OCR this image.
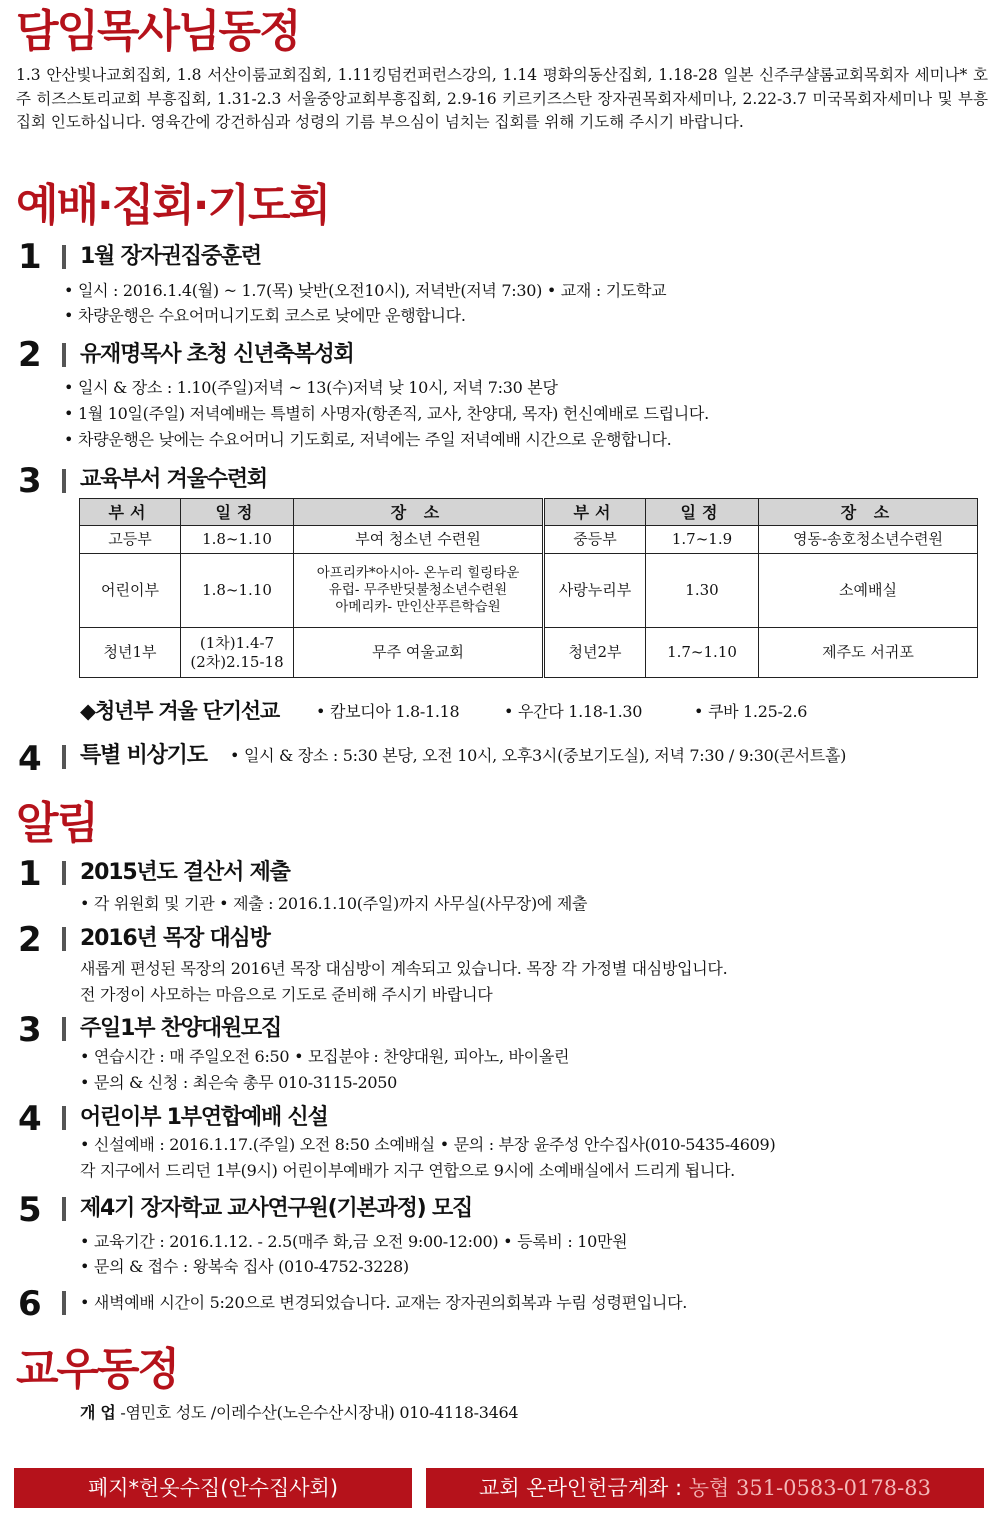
담임목사님동정

1.3 안산빛나교회집회, 1.8 서산이룸교회집회, 1.11킹덤컨퍼런스강의, 1.14 평화의동산집회, 1.18-28 일본 신주쿠샬롬교회목회자 세미나* 호주 히즈스토리교회 부흥집회, 1.31-2.3 서울중앙교회부흥집회, 2.9-16 키르키즈스탄 장자권목회자세미나, 2.22-3.7 미국목회자세미나 및 부흥집회 인도하십니다. 영육간에 강건하심과 성령의 기름 부으심이 넘치는 집회를 위해 기도해 주시기 바랍니다.

예배·집회·기도회
1 1월 장자권집중훈련
• 일시 : 2016.1.4(월) ~ 1.7(목) 낮반(오전10시), 저녁반(저녁 7:30) • 교재 : 기도학교
• 차량운행은 수요어머니기도회 코스로 낮에만 운행합니다.
2 유재명목사 초청 신년축복성회
• 일시 & 장소 : 1.10(주일)저녁 ~ 13(수)저녁 낮 10시, 저녁 7:30 본당
• 1월 10일(주일) 저녁예배는 특별히 사명자(항존직, 교사, 찬양대, 목자) 헌신예배로 드립니다.
• 차량운행은 낮에는 수요어머니 기도회로, 저녁에는 주일 저녁예배 시간으로 운행합니다.
3 교육부서 겨울수련회
부서	일정	장 소		부서	일정	장 소
고등부	1.8~1.10	부여 청소년 수련원		중등부	1.7~1.9	영동-송호청소년수련원
어린이부	1.8~1.10	아프리카*아시아- 온누리 힐링타운
유럽- 무주반딧불청소년수련원
아메리카- 만인산푸른학습원		사랑누리부	1.30	소예배실
청년1부	(1차)1.4-7
(2차)2.15-18	무주 여울교회		청년2부	1.7~1.10	제주도 서귀포
◆청년부 겨울 단기선교	• 캄보디아 1.8-1.18	• 우간다 1.18-1.30	• 쿠바 1.25-2.6
4 특별 비상기도	• 일시 & 장소 : 5:30 본당, 오전 10시, 오후3시(중보기도실), 저녁 7:30 / 9:30(콘서트홀)
알림
1 2015년도 결산서 제출
• 각 위원회 및 기관 • 제출 : 2016.1.10(주일)까지 사무실(사무장)에 제출
2 2016년 목장 대심방
새롭게 편성된 목장의 2016년 목장 대심방이 계속되고 있습니다. 목장 각 가정별 대심방입니다.
전 가정이 사모하는 마음으로 기도로 준비해 주시기 바랍니다
3 주일1부 찬양대원모집
• 연습시간 : 매 주일오전 6:50 • 모집분야 : 찬양대원, 피아노, 바이올린
• 문의 & 신청 : 최은숙 총무 010-3115-2050
4 어린이부 1부연합예배 신설
• 신설예배 : 2016.1.17.(주일) 오전 8:50 소예배실 • 문의 : 부장 윤주성 안수집사(010-5435-4609)
각 지구에서 드리던 1부(9시) 어린이부예배가 지구 연합으로 9시에 소예배실에서 드리게 됩니다.
5 제4기 장자학교 교사연구원(기본과정) 모집
• 교육기간 : 2016.1.12. - 2.5(매주 화,금 오전 9:00-12:00) • 등록비 : 10만원
• 문의 & 접수 : 왕복숙 집사 (010-4752-3228)
6 • 새벽예배 시간이 5:20으로 변경되었습니다. 교재는 장자권의회복과 누림 성령편입니다.
교우동정
개 업 -염민호 성도 /이레수산(노은수산시장내) 010-4118-3464
폐지*헌옷수집(안수집사회)	교회 온라인헌금계좌 : 농협 351-0583-0178-83
